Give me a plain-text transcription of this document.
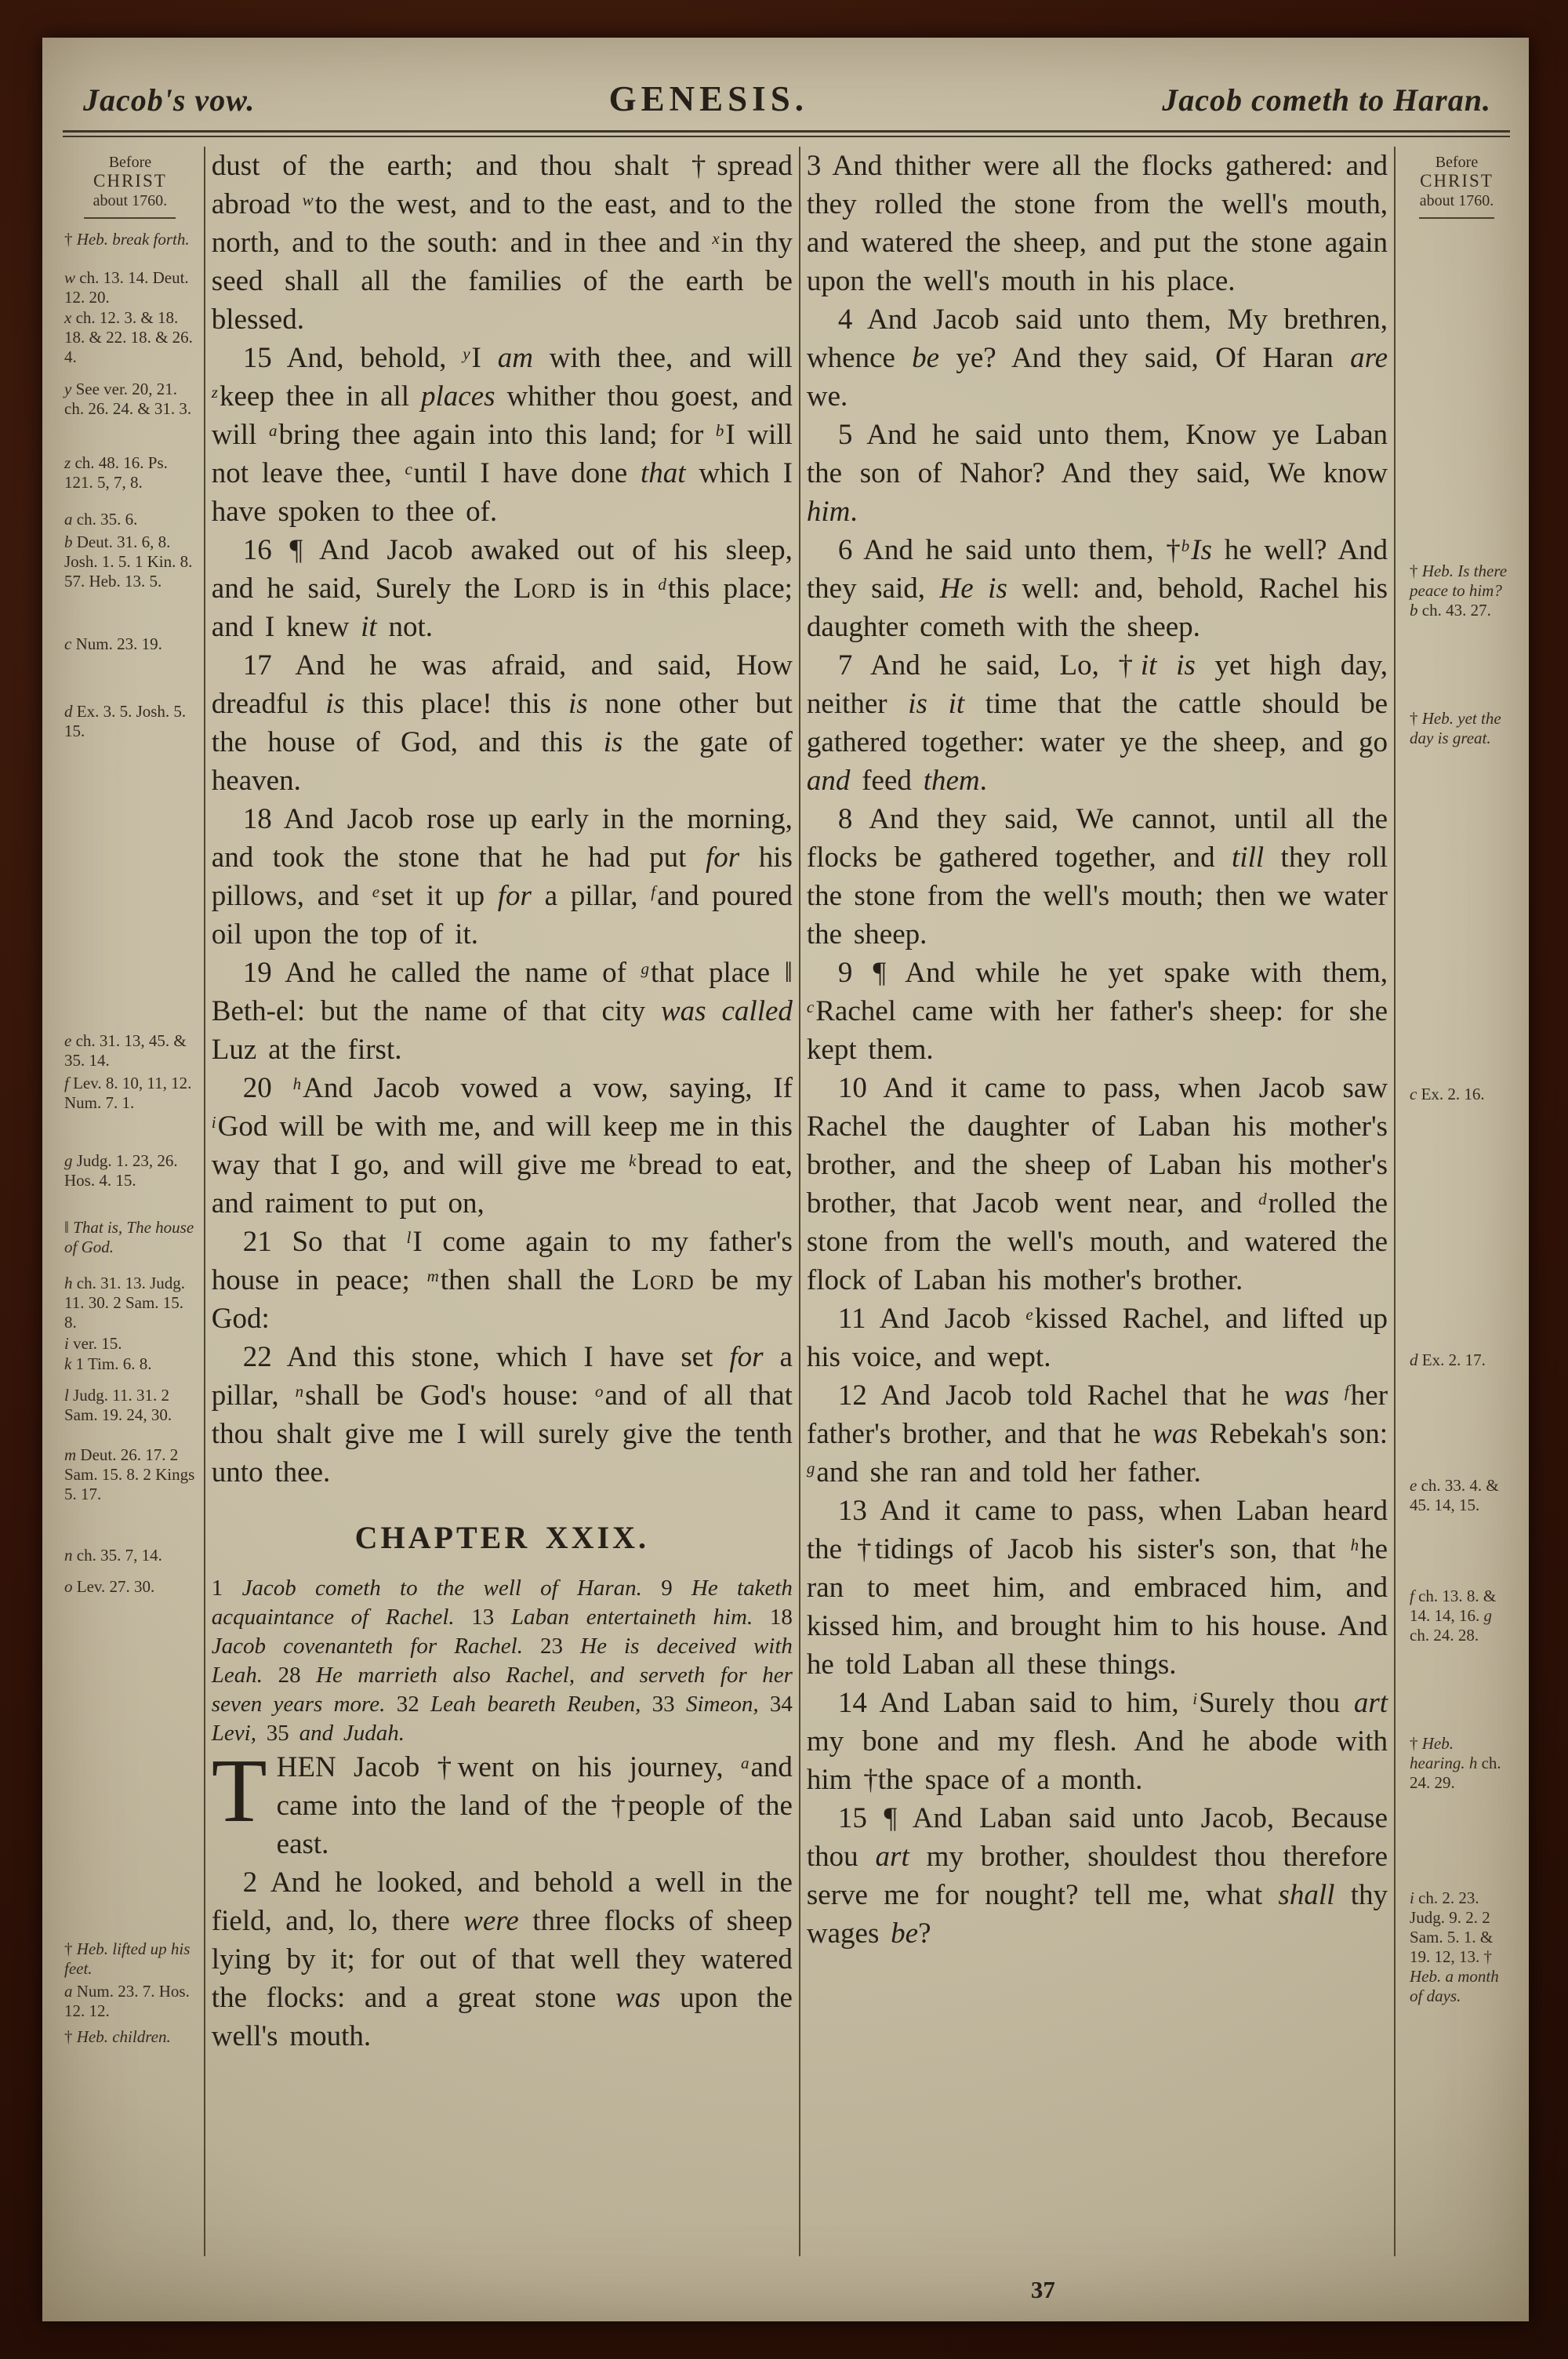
Jacob's vow.	GENESIS.	Jacob cometh to Haran.
Before
CHRIST
about 1760.
† Heb. break forth.
w ch. 13. 14. Deut. 12. 20.
x ch. 12. 3. & 18. 18. & 22. 18. & 26. 4.
y See ver. 20, 21. ch. 26. 24. & 31. 3.
z ch. 48. 16. Ps. 121. 5, 7, 8.
a ch. 35. 6.
b Deut. 31. 6, 8. Josh. 1. 5. 1 Kin. 8. 57. Heb. 13. 5.
c Num. 23. 19.
d Ex. 3. 5. Josh. 5. 15.
e ch. 31. 13, 45. & 35. 14.
f Lev. 8. 10, 11, 12. Num. 7. 1.
g Judg. 1. 23, 26. Hos. 4. 15.
‖ That is, The house of God.
h ch. 31. 13. Judg. 11. 30. 2 Sam. 15. 8.
i ver. 15.
k 1 Tim. 6. 8.
l Judg. 11. 31. 2 Sam. 19. 24, 30.
m Deut. 26. 17. 2 Sam. 15. 8. 2 Kings 5. 17.
n ch. 35. 7, 14.
o Lev. 27. 30.
† Heb. lifted up his feet.
a Num. 23. 7. Hos. 12. 12.
† Heb. children.

dust of the earth; and thou shalt †spread abroad $^w$to the west, and to the east, and to the north, and to the south: and in thee and $^x$in thy seed shall all the families of the earth be blessed.

15 And, behold, $^y$I am with thee, and will $^z$keep thee in all places whither thou goest, and will $^a$bring thee again into this land; for $^b$I will not leave thee, $^c$until I have done that which I have spoken to thee of.

16 ¶ And Jacob awaked out of his sleep, and he said, Surely the Lord is in $^d$this place; and I knew it not.

17 And he was afraid, and said, How dreadful is this place! this is none other but the house of God, and this is the gate of heaven.

18 And Jacob rose up early in the morning, and took the stone that he had put for his pillows, and $^e$set it up for a pillar, $^f$and poured oil upon the top of it.

19 And he called the name of $^g$that place ‖ Beth-el: but the name of that city was called Luz at the first.

20 $^h$And Jacob vowed a vow, saying, If $^i$God will be with me, and will keep me in this way that I go, and will give me $^k$bread to eat, and raiment to put on,

21 So that $^l$I come again to my father's house in peace; $^m$then shall the Lord be my God:

22 And this stone, which I have set for a pillar, $^n$shall be God's house: $^o$and of all that thou shalt give me I will surely give the tenth unto thee.

CHAPTER XXIX.

1 Jacob cometh to the well of Haran. 9 He taketh acquaintance of Rachel. 13 Laban entertaineth him. 18 Jacob covenanteth for Rachel. 23 He is deceived with Leah. 28 He marrieth also Rachel, and serveth for her seven years more. 32 Leah beareth Reuben, 33 Simeon, 34 Levi, 35 and Judah.

THEN Jacob †went on his journey, $^a$and came into the land of the †people of the east.

2 And he looked, and behold a well in the field, and, lo, there were three flocks of sheep lying by it; for out of that well they watered the flocks: and a great stone was upon the well's mouth.

3 And thither were all the flocks gathered: and they rolled the stone from the well's mouth, and watered the sheep, and put the stone again upon the well's mouth in his place.

4 And Jacob said unto them, My brethren, whence be ye? And they said, Of Haran are we.

5 And he said unto them, Know ye Laban the son of Nahor? And they said, We know him.

6 And he said unto them, †$^b$Is he well? And they said, He is well: and, behold, Rachel his daughter cometh with the sheep.

7 And he said, Lo, †it is yet high day, neither is it time that the cattle should be gathered together: water ye the sheep, and go and feed them.

8 And they said, We cannot, until all the flocks be gathered together, and till they roll the stone from the well's mouth; then we water the sheep.

9 ¶ And while he yet spake with them, $^c$Rachel came with her father's sheep: for she kept them.

10 And it came to pass, when Jacob saw Rachel the daughter of Laban his mother's brother, and the sheep of Laban his mother's brother, that Jacob went near, and $^d$rolled the stone from the well's mouth, and watered the flock of Laban his mother's brother.

11 And Jacob $^e$kissed Rachel, and lifted up his voice, and wept.

12 And Jacob told Rachel that he was $^f$her father's brother, and that he was Rebekah's son: $^g$and she ran and told her father.

13 And it came to pass, when Laban heard the †tidings of Jacob his sister's son, that $^h$he ran to meet him, and embraced him, and kissed him, and brought him to his house. And he told Laban all these things.

14 And Laban said to him, $^i$Surely thou art my bone and my flesh. And he abode with him †the space of a month.

15 ¶ And Laban said unto Jacob, Because thou art my brother, shouldest thou therefore serve me for nought? tell me, what shall thy wages be?

Before
CHRIST
about 1760.
† Heb. Is there peace to him? b ch. 43. 27.
† Heb. yet the day is great.
c Ex. 2. 16.
d Ex. 2. 17.
e ch. 33. 4. & 45. 14, 15.
f ch. 13. 8. & 14. 14, 16. g ch. 24. 28.
† Heb. hearing. h ch. 24. 29.
i ch. 2. 23. Judg. 9. 2. 2 Sam. 5. 1. & 19. 12, 13. † Heb. a month of days.
37
